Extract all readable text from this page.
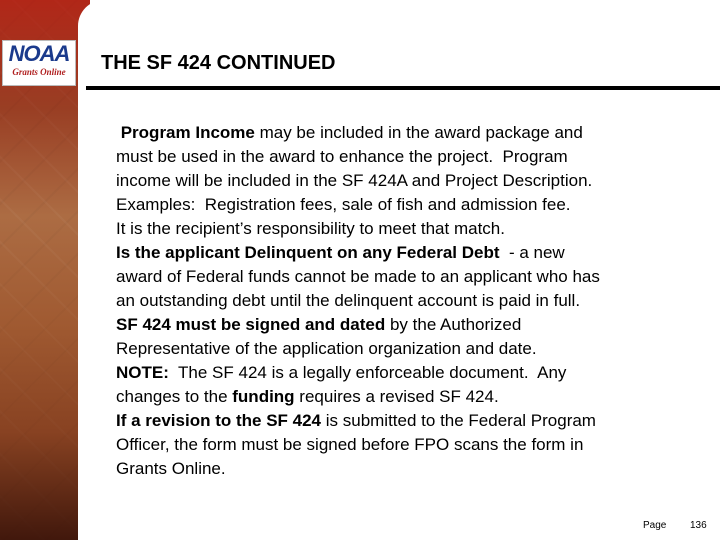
NOAA
Grants Online	THE SF 424 CONTINUED
Program Income may be included in the award package and
must be used in the award to enhance the project.  Program
income will be included in the SF 424A and Project Description.
Examples:  Registration fees, sale of fish and admission fee.
It is the recipient’s responsibility to meet that match.
Is the applicant Delinquent on any Federal Debt  - a new
award of Federal funds cannot be made to an applicant who has
an outstanding debt until the delinquent account is paid in full.
SF 424 must be signed and dated by the Authorized
Representative of the application organization and date.
NOTE:  The SF 424 is a legally enforceable document.  Any
changes to the funding requires a revised SF 424.
If a revision to the SF 424 is submitted to the Federal Program
Officer, the form must be signed before FPO scans the form in
Grants Online.
Page 136
